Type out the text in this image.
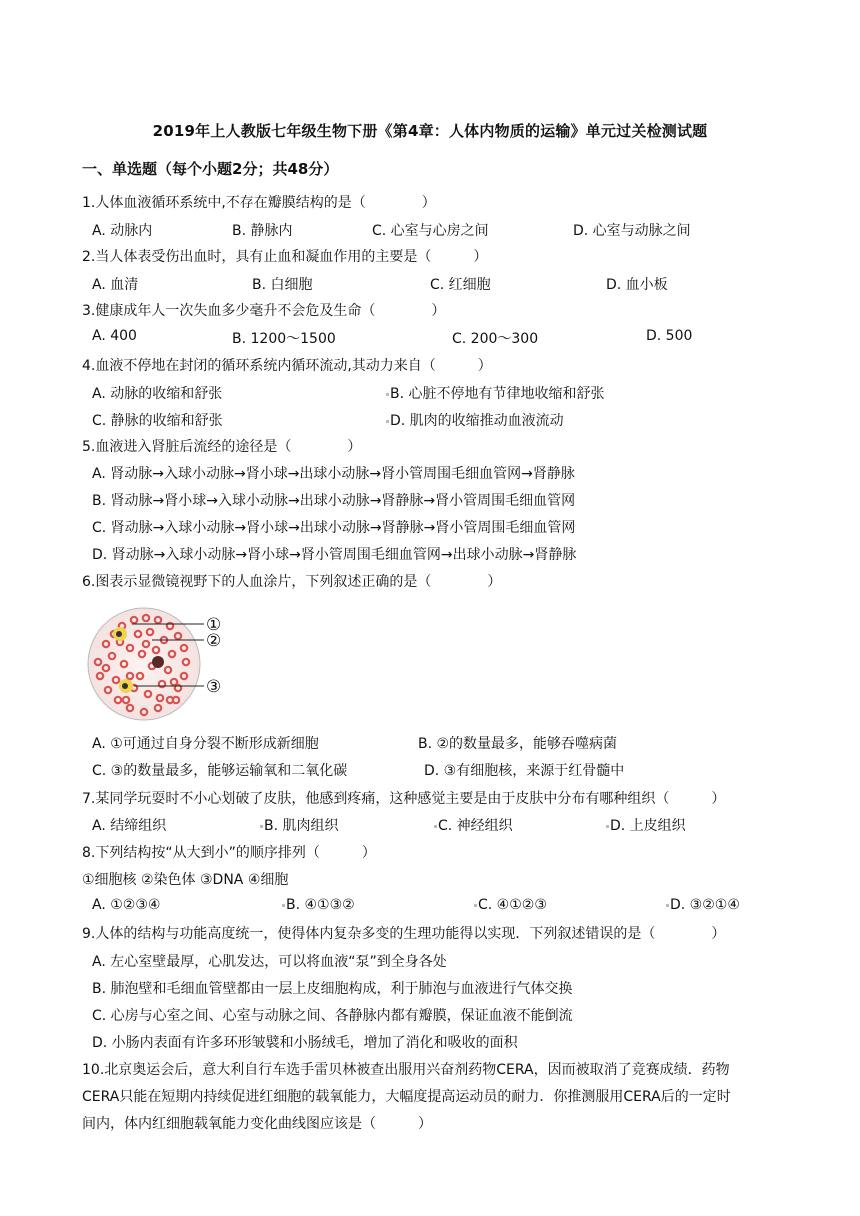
2019年上人教版七年级生物下册《第4章：人体内物质的运输》单元过关检测试题
一、单选题（每个小题2分；共48分）
1.人体血液循环系统中,不存在瓣膜结构的是（　　　　）
A. 动脉内	B. 静脉内	C. 心室与心房之间	D. 心室与动脉之间
2.当人体表受伤出血时，具有止血和凝血作用的主要是（　　　）
A. 血清	B. 白细胞	C. 红细胞	D. 血小板
3.健康成年人一次失血多少毫升不会危及生命（　　　　）
A. 400	B. 1200～1500	C. 200～300	D. 500
4.血液不停地在封闭的循环系统内循环流动,其动力来自（　　　）
A. 动脉的收缩和舒张	B. 心脏不停地有节律地收缩和舒张
C. 静脉的收缩和舒张	D. 肌肉的收缩推动血液流动
5.血液进入肾脏后流经的途径是（　　　　）
A. 肾动脉→入球小动脉→肾小球→出球小动脉→肾小管周围毛细血管网→肾静脉
B. 肾动脉→肾小球→入球小动脉→出球小动脉→肾静脉→肾小管周围毛细血管网
C. 肾动脉→入球小动脉→肾小球→出球小动脉→肾静脉→肾小管周围毛细血管网
D. 肾动脉→入球小动脉→肾小球→肾小管周围毛细血管网→出球小动脉→肾静脉
6.图表示显微镜视野下的人血涂片，下列叙述正确的是（　　　　）
①
②
③
A. ①可通过自身分裂不断形成新细胞	B. ②的数量最多，能够吞噬病菌
C. ③的数量最多，能够运输氧和二氧化碳	D. ③有细胞核，来源于红骨髓中
7.某同学玩耍时不小心划破了皮肤，他感到疼痛，这种感觉主要是由于皮肤中分布有哪种组织（　　　）
A. 结缔组织	B. 肌肉组织	C. 神经组织	D. 上皮组织
8.下列结构按“从大到小”的顺序排列（　　　）
①细胞核 ②染色体 ③DNA ④细胞
A. ①②③④	B. ④①③②	C. ④①②③	D. ③②①④
9.人体的结构与功能高度统一，使得体内复杂多变的生理功能得以实现．下列叙述错误的是（　　　　）
A. 左心室壁最厚，心肌发达，可以将血液“泵”到全身各处
B. 肺泡壁和毛细血管壁都由一层上皮细胞构成，利于肺泡与血液进行气体交换
C. 心房与心室之间、心室与动脉之间、各静脉内都有瓣膜，保证血液不能倒流
D. 小肠内表面有许多环形皱襞和小肠绒毛，增加了消化和吸收的面积
10.北京奥运会后，意大利自行车选手雷贝林被查出服用兴奋剂药物CERA，因而被取消了竞赛成绩．药物
CERA只能在短期内持续促进红细胞的载氧能力，大幅度提高运动员的耐力．你推测服用CERA后的一定时
间内，体内红细胞载氧能力变化曲线图应该是（　　　）
